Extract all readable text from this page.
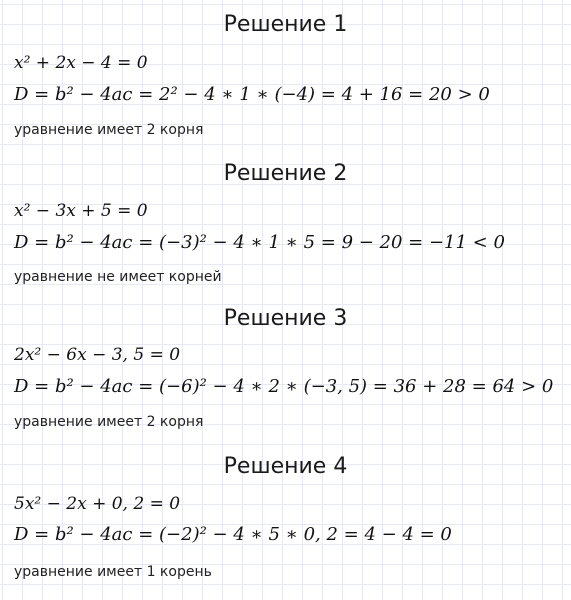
Решение 1
x² + 2x − 4 = 0
D = b² − 4ac = 2² − 4 ∗ 1 ∗ (−4) = 4 + 16 = 20 > 0
уравнение имеет 2 корня
Решение 2
x² − 3x + 5 = 0
D = b² − 4ac = (−3)² − 4 ∗ 1 ∗ 5 = 9 − 20 = −11 < 0
уравнение не имеет корней
Решение 3
2x² − 6x − 3, 5 = 0
D = b² − 4ac = (−6)² − 4 ∗ 2 ∗ (−3, 5) = 36 + 28 = 64 > 0
уравнение имеет 2 корня
Решение 4
5x² − 2x + 0, 2 = 0
D = b² − 4ac = (−2)² − 4 ∗ 5 ∗ 0, 2 = 4 − 4 = 0
уравнение имеет 1 корень
